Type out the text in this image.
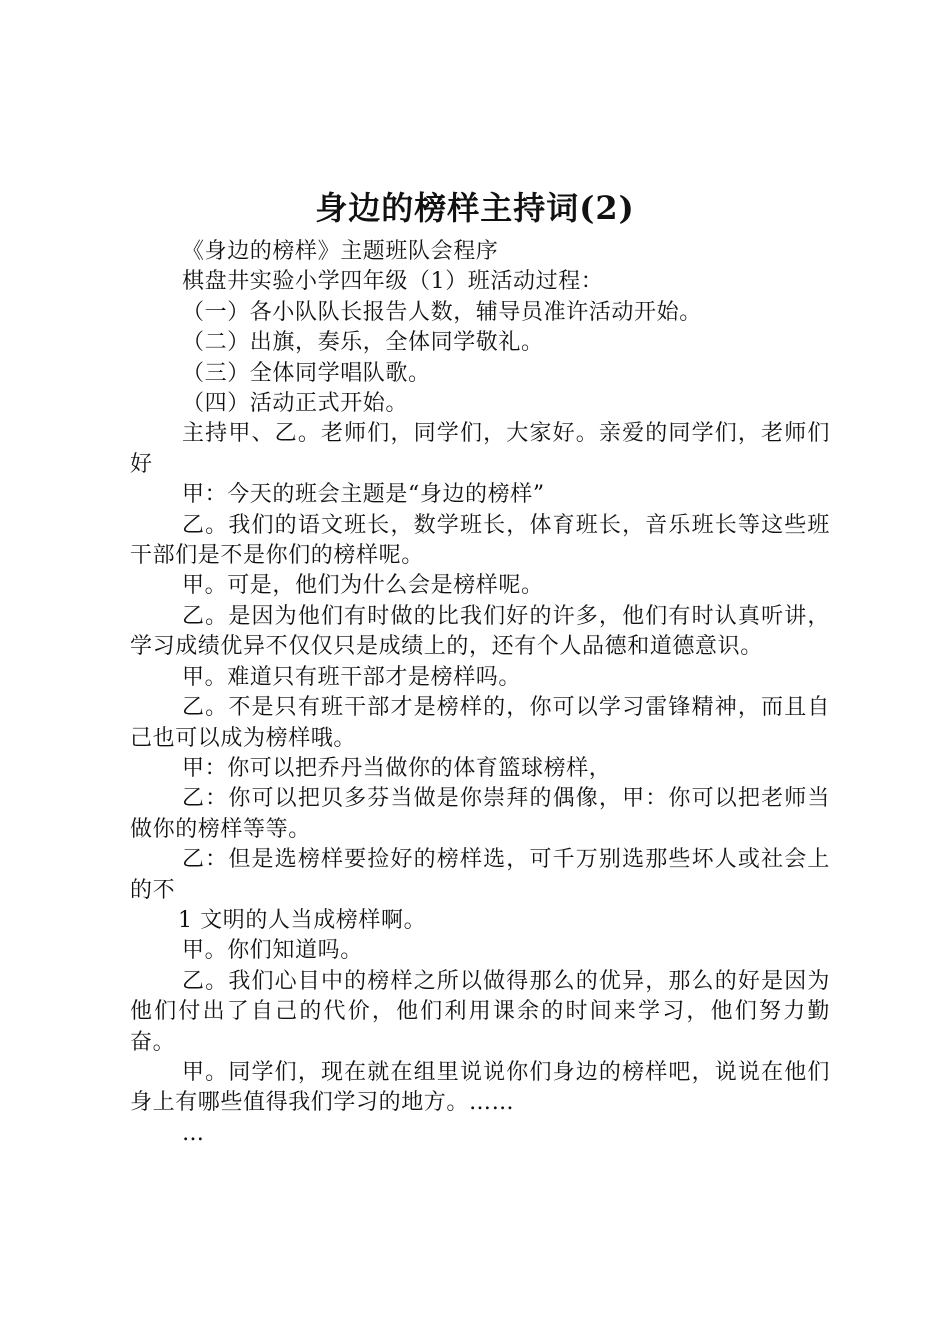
身边的榜样主持词(2)

《身边的榜样》主题班队会程序

棋盘井实验小学四年级（1）班活动过程：

（一）各小队队长报告人数，辅导员准许活动开始。

（二）出旗，奏乐，全体同学敬礼。

（三）全体同学唱队歌。

（四）活动正式开始。

主持甲、乙。老师们，同学们，大家好。亲爱的同学们，老师们好

甲：今天的班会主题是“身边的榜样”

乙。我们的语文班长，数学班长，体育班长，音乐班长等这些班干部们是不是你们的榜样呢。

甲。可是，他们为什么会是榜样呢。

乙。是因为他们有时做的比我们好的许多，他们有时认真听讲，学习成绩优异不仅仅只是成绩上的，还有个人品德和道德意识。

甲。难道只有班干部才是榜样吗。

乙。不是只有班干部才是榜样的，你可以学习雷锋精神，而且自己也可以成为榜样哦。

甲：你可以把乔丹当做你的体育篮球榜样，

乙：你可以把贝多芬当做是你崇拜的偶像，甲：你可以把老师当做你的榜样等等。

乙：但是选榜样要捡好的榜样选，可千万别选那些坏人或社会上的不

1 文明的人当成榜样啊。

甲。你们知道吗。

乙。我们心目中的榜样之所以做得那么的优异，那么的好是因为他们付出了自己的代价，他们利用课余的时间来学习，他们努力勤奋。

甲。同学们，现在就在组里说说你们身边的榜样吧，说说在他们身上有哪些值得我们学习的地方。……

…
